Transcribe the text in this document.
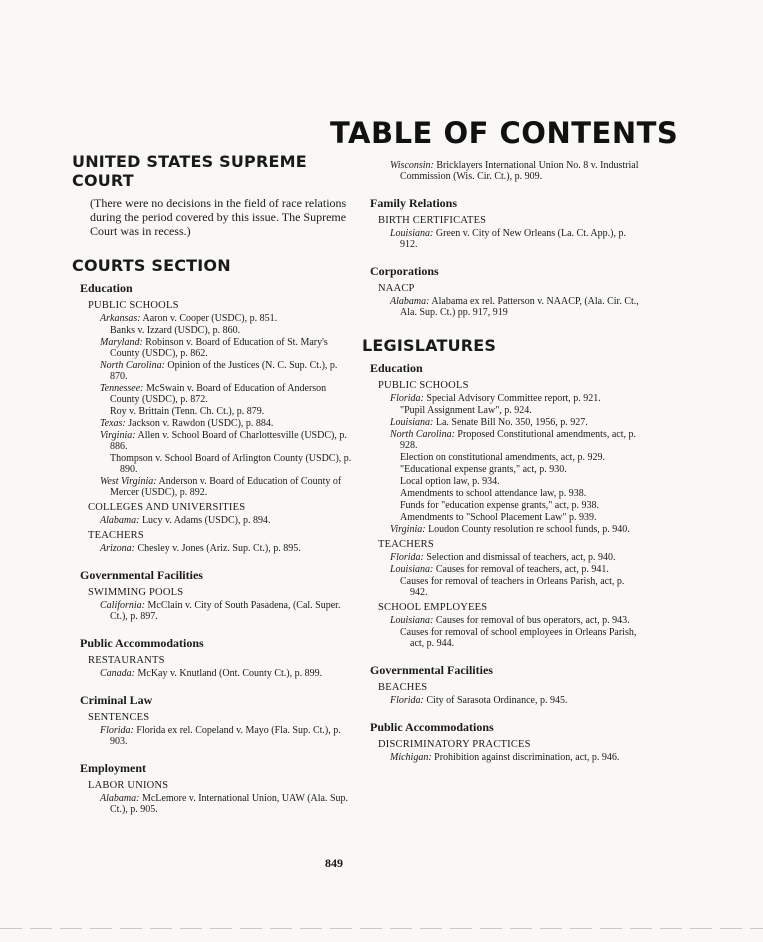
TABLE OF CONTENTS
UNITED STATES SUPREME COURT
(There were no decisions in the field of race relations during the period covered by this issue. The Supreme Court was in recess.)
COURTS SECTION
Education
PUBLIC SCHOOLS
Arkansas: Aaron v. Cooper (USDC), p. 851.
Banks v. Izzard (USDC), p. 860.
Maryland: Robinson v. Board of Education of St. Mary's County (USDC), p. 862.
North Carolina: Opinion of the Justices (N. C. Sup. Ct.), p. 870.
Tennessee: McSwain v. Board of Education of Anderson County (USDC), p. 872.
Roy v. Brittain (Tenn. Ch. Ct.), p. 879.
Texas: Jackson v. Rawdon (USDC), p. 884.
Virginia: Allen v. School Board of Charlottesville (USDC), p. 886.
Thompson v. School Board of Arlington County (USDC), p. 890.
West Virginia: Anderson v. Board of Education of County of Mercer (USDC), p. 892.
COLLEGES AND UNIVERSITIES
Alabama: Lucy v. Adams (USDC), p. 894.
TEACHERS
Arizona: Chesley v. Jones (Ariz. Sup. Ct.), p. 895.
Governmental Facilities
SWIMMING POOLS
California: McClain v. City of South Pasadena, (Cal. Super. Ct.), p. 897.
Public Accommodations
RESTAURANTS
Canada: McKay v. Knutland (Ont. County Ct.), p. 899.
Criminal Law
SENTENCES
Florida: Florida ex rel. Copeland v. Mayo (Fla. Sup. Ct.), p. 903.
Employment
LABOR UNIONS
Alabama: McLemore v. International Union, UAW (Ala. Sup. Ct.), p. 905.
Wisconsin: Bricklayers International Union No. 8 v. Industrial Commission (Wis. Cir. Ct.), p. 909.
Family Relations
BIRTH CERTIFICATES
Louisiana: Green v. City of New Orleans (La. Ct. App.), p. 912.
Corporations
NAACP
Alabama: Alabama ex rel. Patterson v. NAACP, (Ala. Cir. Ct., Ala. Sup. Ct.) pp. 917, 919
LEGISLATURES
Education
PUBLIC SCHOOLS
Florida: Special Advisory Committee report, p. 921.
"Pupil Assignment Law", p. 924.
Louisiana: La. Senate Bill No. 350, 1956, p. 927.
North Carolina: Proposed Constitutional amendments, act, p. 928.
Election on constitutional amendments, act, p. 929.
"Educational expense grants," act, p. 930.
Local option law, p. 934.
Amendments to school attendance law, p. 938.
Funds for "education expense grants," act, p. 938.
Amendments to "School Placement Law" p. 939.
Virginia: Loudon County resolution re school funds, p. 940.
TEACHERS
Florida: Selection and dismissal of teachers, act, p. 940.
Louisiana: Causes for removal of teachers, act, p. 941.
Causes for removal of teachers in Orleans Parish, act, p. 942.
SCHOOL EMPLOYEES
Louisiana: Causes for removal of bus operators, act, p. 943.
Causes for removal of school employees in Orleans Parish, act, p. 944.
Governmental Facilities
BEACHES
Florida: City of Sarasota Ordinance, p. 945.
Public Accommodations
DISCRIMINATORY PRACTICES
Michigan: Prohibition against discrimination, act, p. 946.
849
